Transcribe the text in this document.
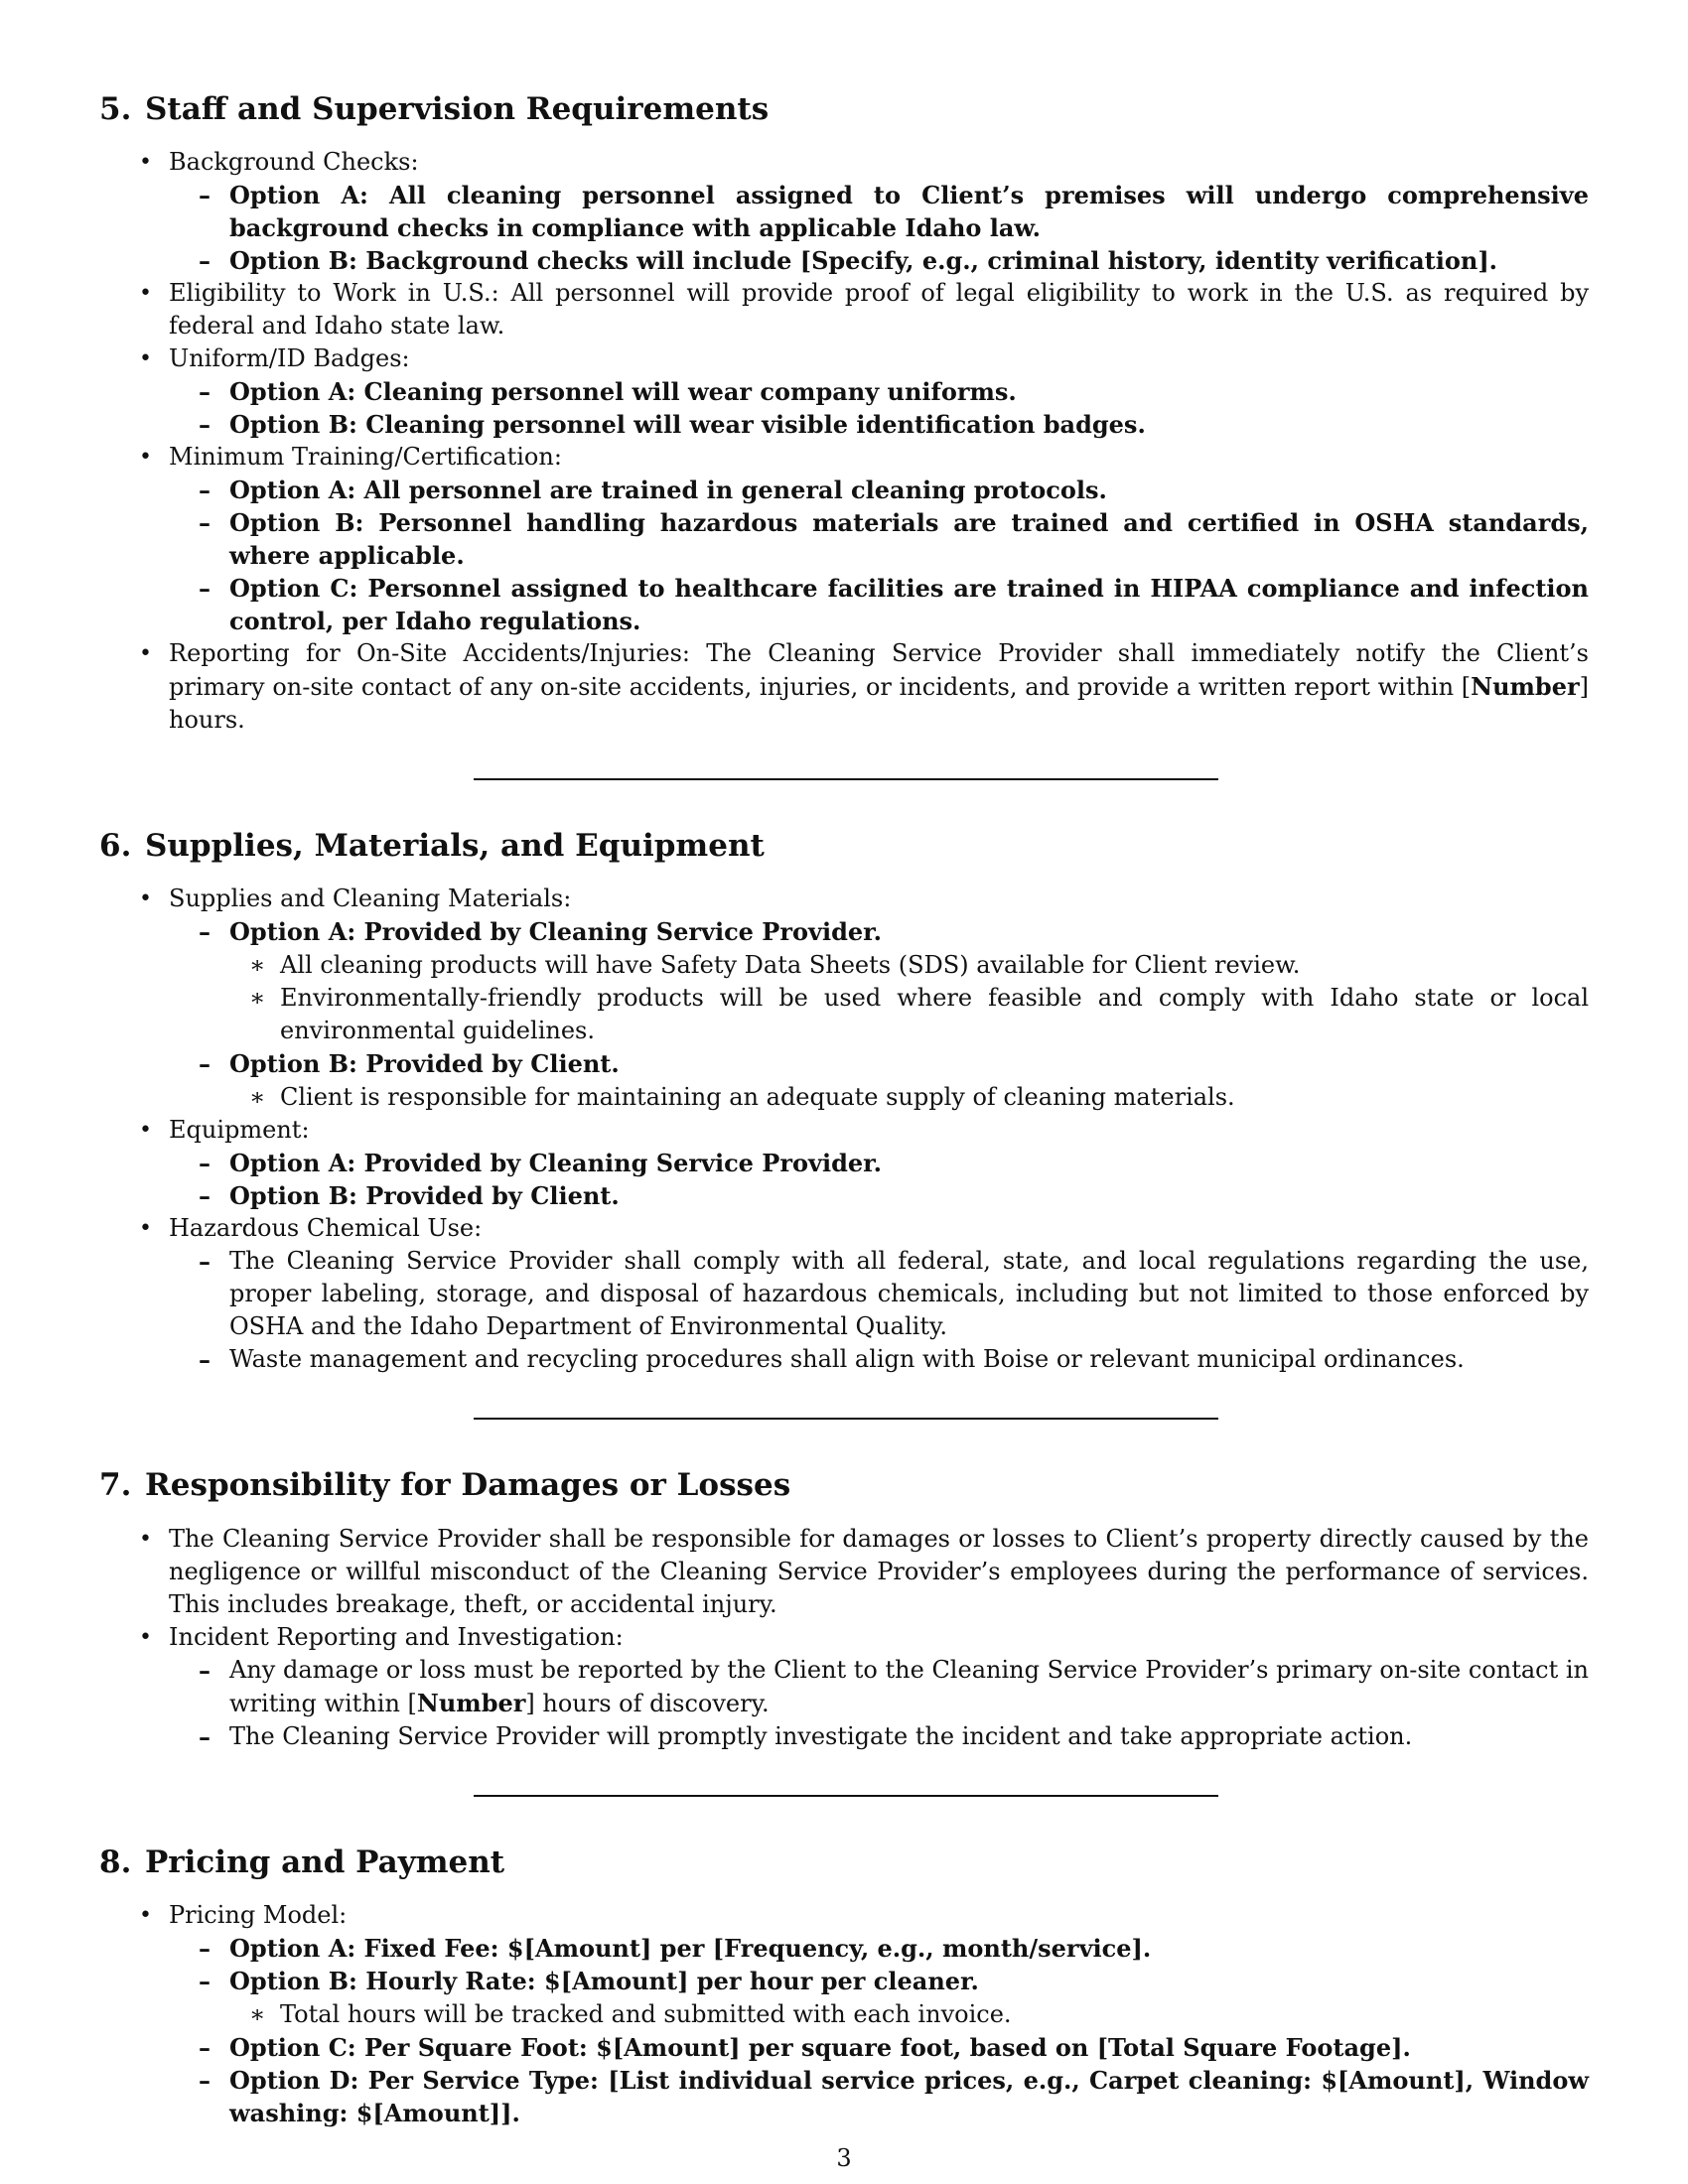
5. Staff and Supervision Requirements
• Background Checks:
– Option A: All cleaning personnel assigned to Client’s premises will undergo comprehensive background checks in compliance with applicable Idaho law.
– Option B: Background checks will include [Specify, e.g., criminal history, identity verification].
• Eligibility to Work in U.S.: All personnel will provide proof of legal eligibility to work in the U.S. as required by federal and Idaho state law.
• Uniform/ID Badges:
– Option A: Cleaning personnel will wear company uniforms.
– Option B: Cleaning personnel will wear visible identification badges.
• Minimum Training/Certification:
– Option A: All personnel are trained in general cleaning protocols.
– Option B: Personnel handling hazardous materials are trained and certified in OSHA standards, where applicable.
– Option C: Personnel assigned to healthcare facilities are trained in HIPAA compliance and infection control, per Idaho regulations.
• Reporting for On-Site Accidents/Injuries: The Cleaning Service Provider shall immediately notify the Client’s primary on-site contact of any on-site accidents, injuries, or incidents, and provide a written report within [Number] hours.
6. Supplies, Materials, and Equipment
• Supplies and Cleaning Materials:
– Option A: Provided by Cleaning Service Provider.
∗ All cleaning products will have Safety Data Sheets (SDS) available for Client review.
∗ Environmentally-friendly products will be used where feasible and comply with Idaho state or local environmental guidelines.
– Option B: Provided by Client.
∗ Client is responsible for maintaining an adequate supply of cleaning materials.
• Equipment:
– Option A: Provided by Cleaning Service Provider.
– Option B: Provided by Client.
• Hazardous Chemical Use:
– The Cleaning Service Provider shall comply with all federal, state, and local regulations regarding the use, proper labeling, storage, and disposal of hazardous chemicals, including but not limited to those enforced by OSHA and the Idaho Department of Environmental Quality.
– Waste management and recycling procedures shall align with Boise or relevant municipal ordinances.
7. Responsibility for Damages or Losses
• The Cleaning Service Provider shall be responsible for damages or losses to Client’s property directly caused by the negligence or willful misconduct of the Cleaning Service Provider’s employees during the performance of services. This includes breakage, theft, or accidental injury.
• Incident Reporting and Investigation:
– Any damage or loss must be reported by the Client to the Cleaning Service Provider’s primary on-site contact in writing within [Number] hours of discovery.
– The Cleaning Service Provider will promptly investigate the incident and take appropriate action.
8. Pricing and Payment
• Pricing Model:
– Option A: Fixed Fee: $[Amount] per [Frequency, e.g., month/service].
– Option B: Hourly Rate: $[Amount] per hour per cleaner.
∗ Total hours will be tracked and submitted with each invoice.
– Option C: Per Square Foot: $[Amount] per square foot, based on [Total Square Footage].
– Option D: Per Service Type: [List individual service prices, e.g., Carpet cleaning: $[Amount], Window washing: $[Amount]].
3
